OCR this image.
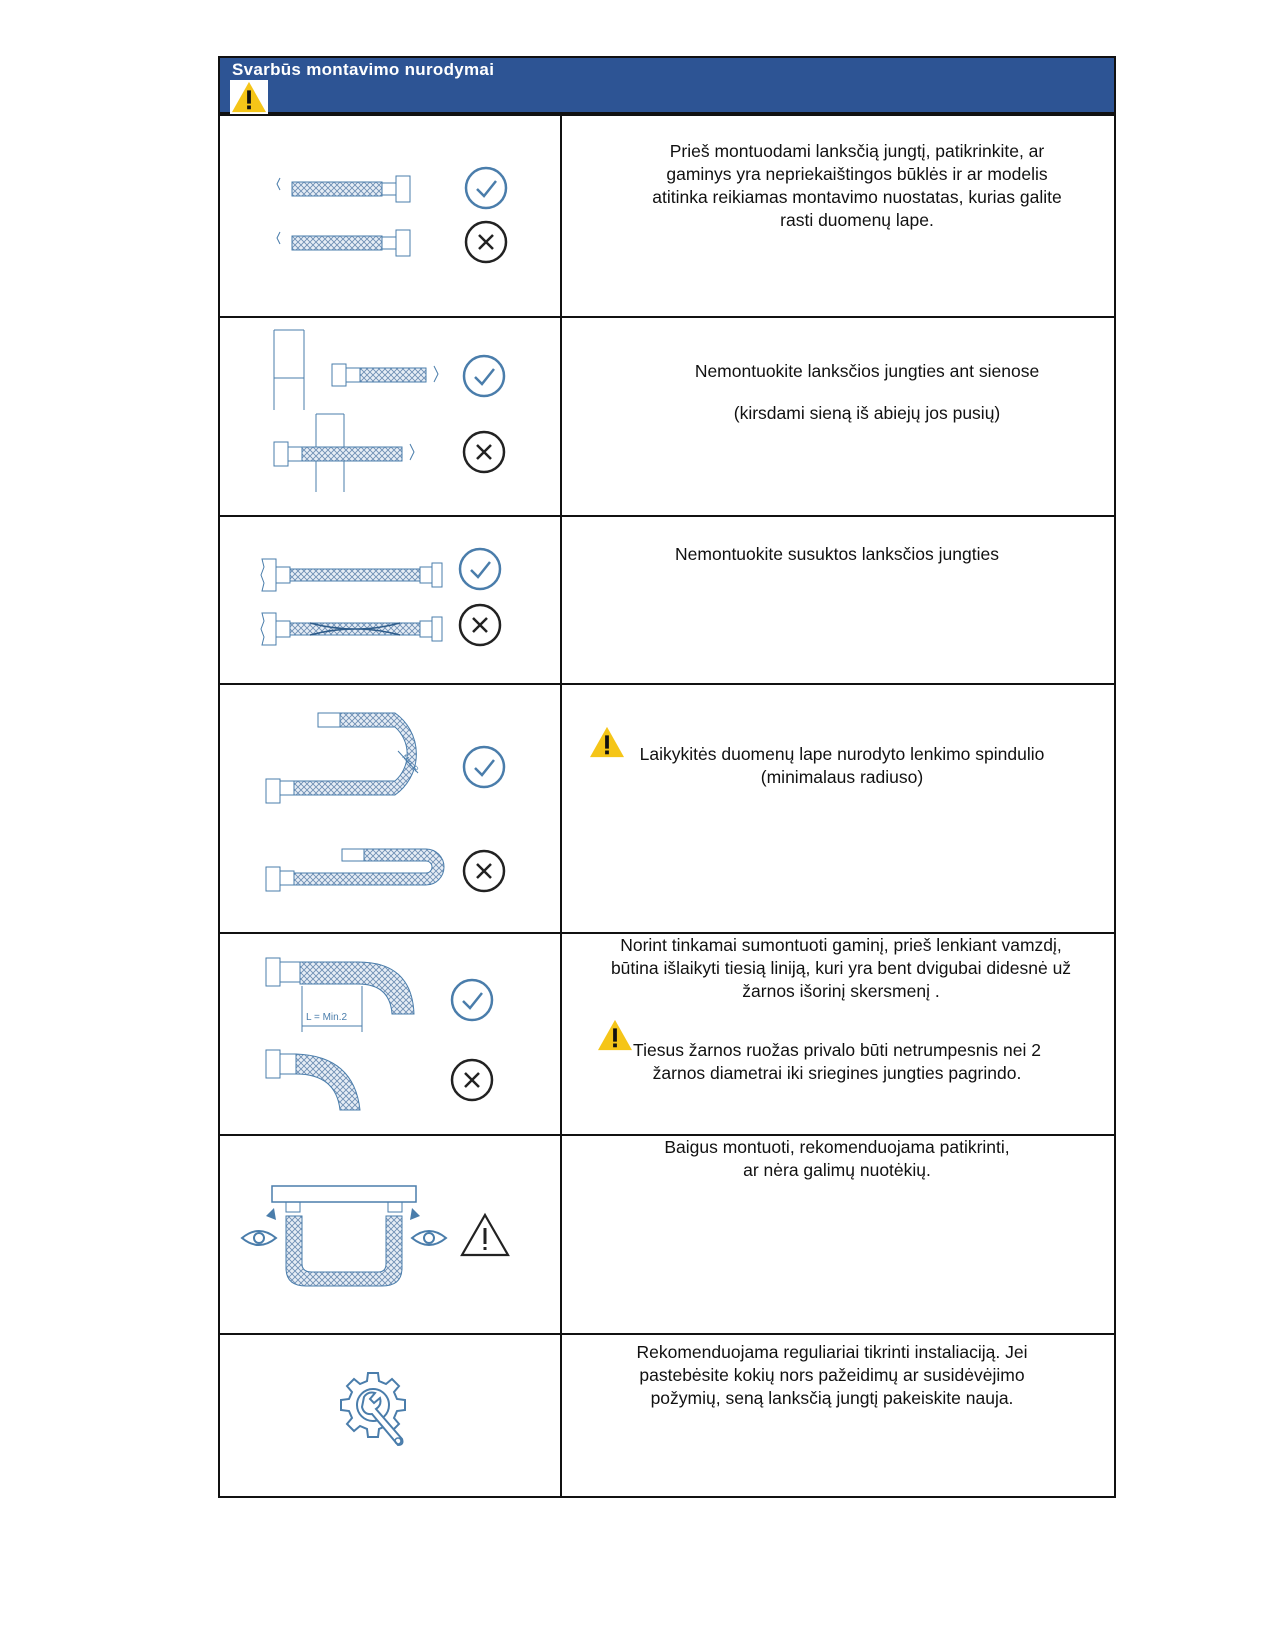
Svarbūs montavimo nurodymai

Prieš montuodami lanksčią jungtį, patikrinkite, ar
gaminys yra nepriekaištingos būklės ir ar modelis
atitinka reikiamas montavimo nuostatas, kurias galite
rasti duomenų lape.

Nemontuokite lanksčios jungties ant sienose
(kirsdami sieną iš abiejų jos pusių)

Nemontuokite susuktos lanksčios jungties

Min. R	Laikykitės duomenų lape nurodyto lenkimo spindulio
(minimalaus radiuso)

L = Min.2	Norint tinkamai sumontuoti gaminį, prieš lenkiant vamzdį,
būtina išlaikyti tiesią liniją, kuri yra bent dvigubai didesnė už
žarnos išorinį skersmenį .
Tiesus žarnos ruožas privalo būti netrumpesnis nei 2
žarnos diametrai iki sriegines jungties pagrindo.

Baigus montuoti, rekomenduojama patikrinti,
ar nėra galimų nuotėkių.

Rekomenduojama reguliariai tikrinti instaliaciją. Jei
pastebėsite kokių nors pažeidimų ar susidėvėjimo
požymių, seną lanksčią jungtį pakeiskite nauja.
